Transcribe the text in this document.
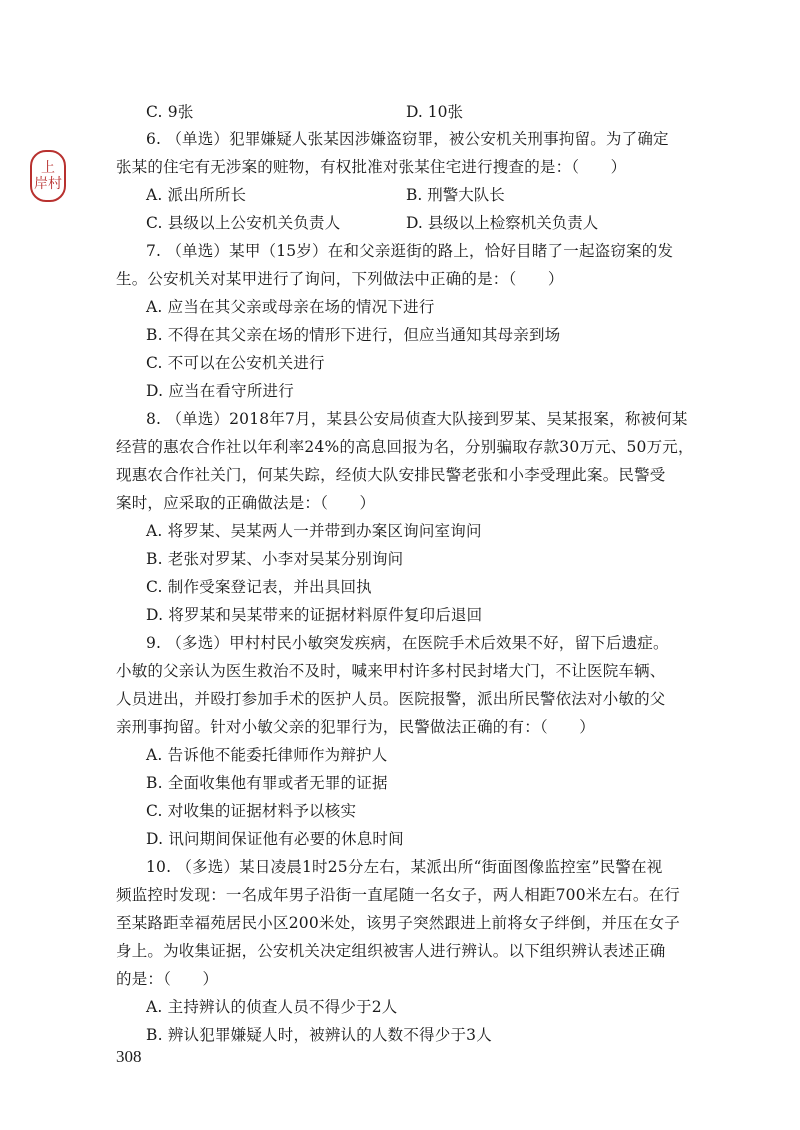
上
岸村
C. 9张	D. 10张
6. （单选）犯罪嫌疑人张某因涉嫌盗窃罪，被公安机关刑事拘留。为了确定
张某的住宅有无涉案的赃物，有权批准对张某住宅进行搜查的是：（　　）
A. 派出所所长	B. 刑警大队长
C. 县级以上公安机关负责人	D. 县级以上检察机关负责人
7. （单选）某甲（15岁）在和父亲逛街的路上，恰好目睹了一起盗窃案的发
生。公安机关对某甲进行了询问，下列做法中正确的是：（　　）
A. 应当在其父亲或母亲在场的情况下进行
B. 不得在其父亲在场的情形下进行，但应当通知其母亲到场
C. 不可以在公安机关进行
D. 应当在看守所进行
8. （单选）2018年7月，某县公安局侦查大队接到罗某、吴某报案，称被何某
经营的惠农合作社以年利率24%的高息回报为名，分别骗取存款30万元、50万元，
现惠农合作社关门，何某失踪，经侦大队安排民警老张和小李受理此案。民警受
案时，应采取的正确做法是：（　　）
A. 将罗某、吴某两人一并带到办案区询问室询问
B. 老张对罗某、小李对吴某分别询问
C. 制作受案登记表，并出具回执
D. 将罗某和吴某带来的证据材料原件复印后退回
9. （多选）甲村村民小敏突发疾病，在医院手术后效果不好，留下后遗症。
小敏的父亲认为医生救治不及时，喊来甲村许多村民封堵大门，不让医院车辆、
人员进出，并殴打参加手术的医护人员。医院报警，派出所民警依法对小敏的父
亲刑事拘留。针对小敏父亲的犯罪行为，民警做法正确的有：（　　）
A. 告诉他不能委托律师作为辩护人
B. 全面收集他有罪或者无罪的证据
C. 对收集的证据材料予以核实
D. 讯问期间保证他有必要的休息时间
10. （多选）某日凌晨1时25分左右，某派出所“街面图像监控室”民警在视
频监控时发现：一名成年男子沿街一直尾随一名女子，两人相距700米左右。在行
至某路距幸福苑居民小区200米处，该男子突然跟进上前将女子绊倒，并压在女子
身上。为收集证据，公安机关决定组织被害人进行辨认。以下组织辨认表述正确
的是：（　　）
A. 主持辨认的侦查人员不得少于2人
B. 辨认犯罪嫌疑人时，被辨认的人数不得少于3人
308
